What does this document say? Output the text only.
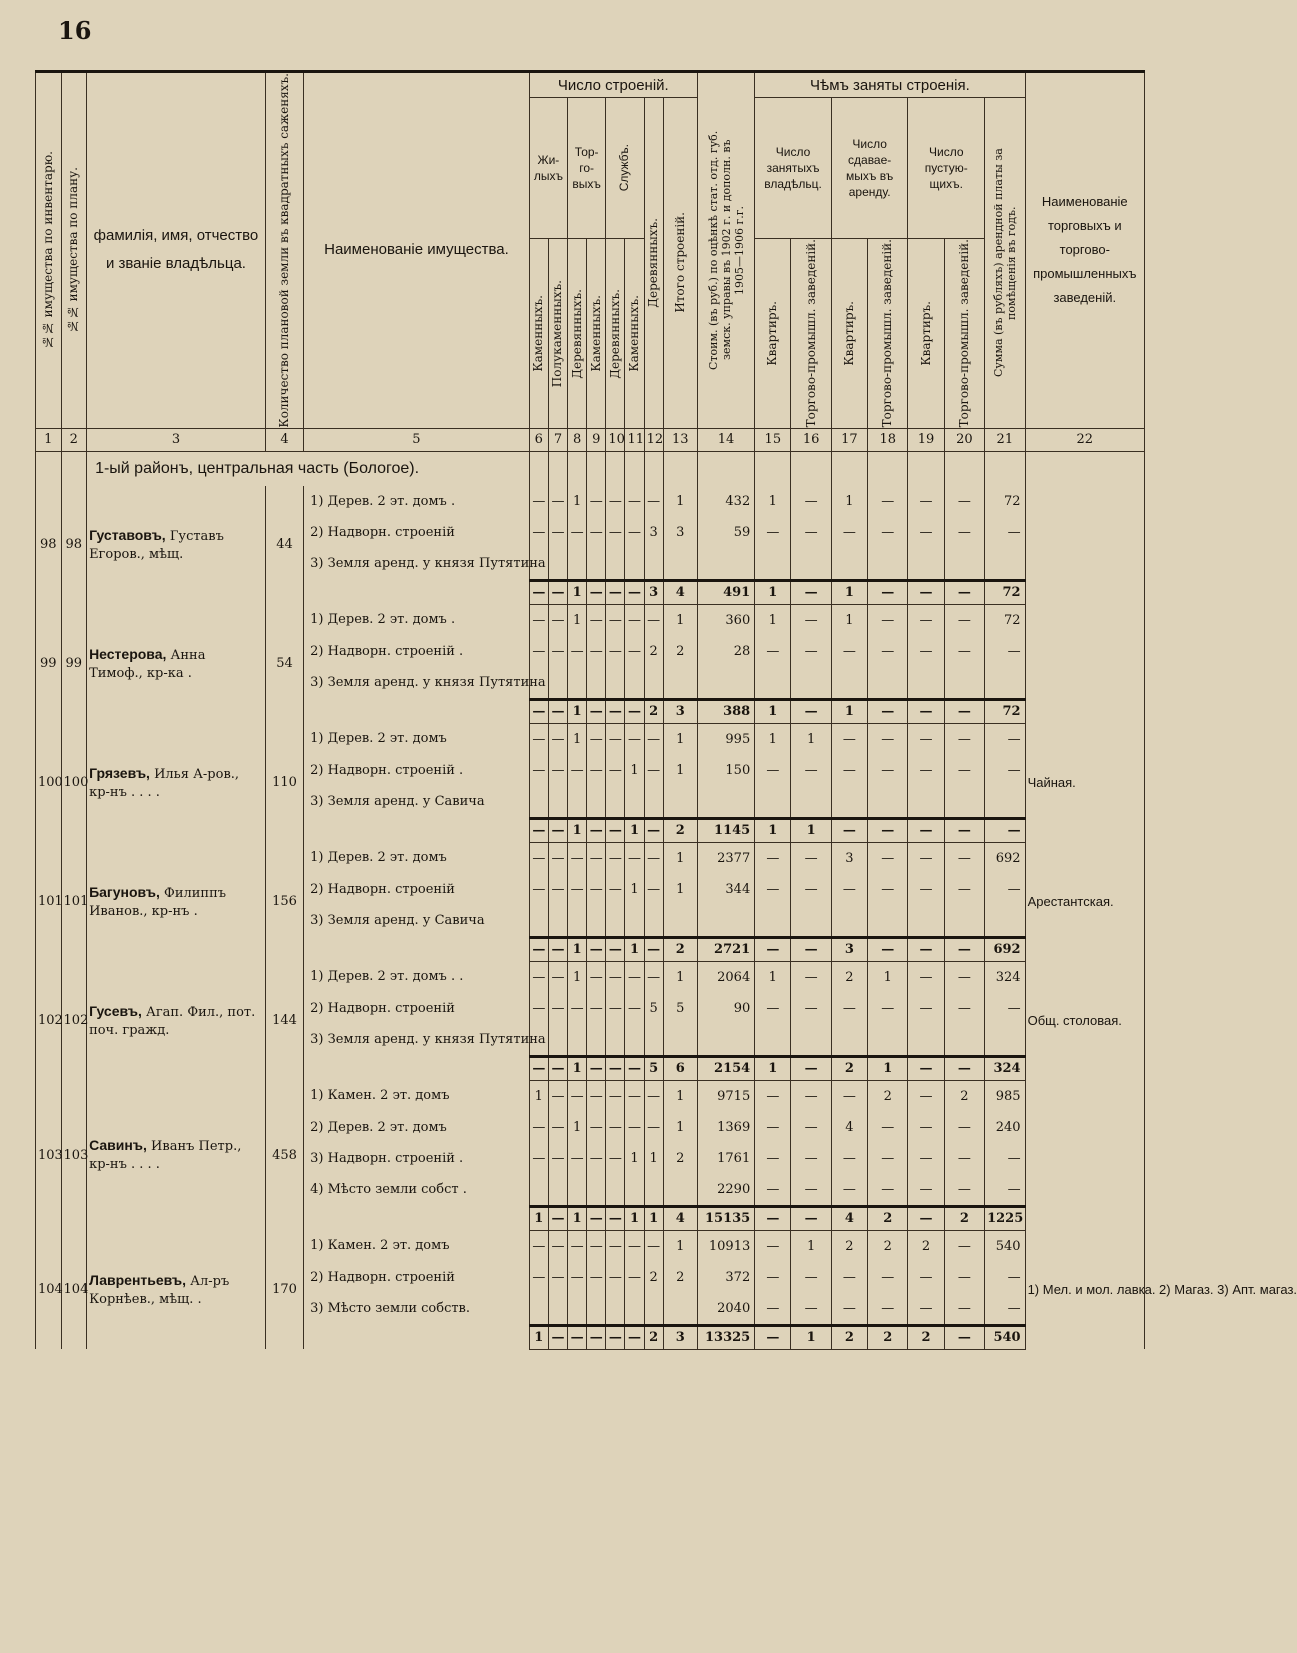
16
№№ имущества по инвентарю.	№№ имущества по плану.	фамилія, имя, отчество и званіе владѣльца.	Количество плановой земли въ квадратныхъ саженяхъ.	Наименованіе имущества.	Число строеній.								Стоим. (въ руб.) по оцѣнкѣ стат. отд. губ. земск. управы въ 1902 г. и дополн. въ 1905—1906 г.г.	Чѣмъ заняты строенія.							Наименованіе торговыхъ и торгово-промышленныхъ заведеній.
					Жи-лыхъ		Тор-го-выхъ		Службъ.		Деревянныхъ.	Итого строеній.		Число занятыхъ владѣльц.		Число сдавае-мыхъ въ аренду.		Число пустую-щихъ.		Сумма (въ рубляхъ) арендной платы за помѣщенія въ годъ.	

					Каменныхъ.	Полукаменныхъ.	Деревянныхъ.	Каменныхъ.	Деревянныхъ.	Каменныхъ.				Квартиръ.	Торгово-промышл. заведеній.	Квартиръ.	Торгово-промышл. заведеній.	Квартиръ.	Торгово-промышл. заведеній.		

1	2	3	4	5	6	7	8	9	10	11	12	13	14	15	16	17	18	19	20	21	22
		1-ый районъ, центральная часть (Бологое).																			
98	98	Густавовъ, Густавъ Егоров., мѣщ.	44	1) Дерев. 2 эт. домъ .	—	—	1	—	—	—	—	1	432	1	—	1	—	—	—	72	
				2) Надворн. строеній	—	—	—	—	—	—	3	3	59	—	—	—	—	—	—	—	
				3) Земля аренд. у князя Путятина																	
					—	—	1	—	—	—	3	4	491	1	—	1	—	—	—	72	
99	99	Нестерова, Анна Тимоф., кр-ка .	54	1) Дерев. 2 эт. домъ .	—	—	1	—	—	—	—	1	360	1	—	1	—	—	—	72	
				2) Надворн. строеній .	—	—	—	—	—	—	2	2	28	—	—	—	—	—	—	—	
				3) Земля аренд. у князя Путятина																	
					—	—	1	—	—	—	2	3	388	1	—	1	—	—	—	72	
100	100	Грязевъ, Илья А-ров., кр-нъ . . . .	110	1) Дерев. 2 эт. домъ	—	—	1	—	—	—	—	1	995	1	1	—	—	—	—	—	Чайная.
				2) Надворн. строеній .	—	—	—	—	—	1	—	1	150	—	—	—	—	—	—	—	
				3) Земля аренд. у Савича																	
					—	—	1	—	—	1	—	2	1145	1	1	—	—	—	—	—	
101	101	Багуновъ, Филиппъ Иванов., кр-нъ .	156	1) Дерев. 2 эт. домъ	—	—	—	—	—	—	—	1	2377	—	—	3	—	—	—	692	Арестантская.
				2) Надворн. строеній	—	—	—	—	—	1	—	1	344	—	—	—	—	—	—	—	
				3) Земля аренд. у Савича																	
					—	—	1	—	—	1	—	2	2721	—	—	3	—	—	—	692	
102	102	Гусевъ, Агап. Фил., пот. поч. гражд.	144	1) Дерев. 2 эт. домъ . .	—	—	1	—	—	—	—	1	2064	1	—	2	1	—	—	324	Общ. столовая.
				2) Надворн. строеній	—	—	—	—	—	—	5	5	90	—	—	—	—	—	—	—	
				3) Земля аренд. у князя Путятина																	
					—	—	1	—	—	—	5	6	2154	1	—	2	1	—	—	324	
103	103	Савинъ, Иванъ Петр., кр-нъ . . . .	458	1) Камен. 2 эт. домъ	1	—	—	—	—	—	—	1	9715	—	—	—	2	—	2	985	
				2) Дерев. 2 эт. домъ	—	—	1	—	—	—	—	1	1369	—	—	4	—	—	—	240	
				3) Надворн. строеній .	—	—	—	—	—	1	1	2	1761	—	—	—	—	—	—	—	
				4) Мѣсто земли собст .									2290	—	—	—	—	—	—	—	
					1	—	1	—	—	1	1	4	15135	—	—	4	2	—	2	1225	
104	104	Лаврентьевъ, Ал-ръ Корнѣев., мѣщ. .	170	1) Камен. 2 эт. домъ	—	—	—	—	—	—	—	1	10913	—	1	2	2	2	—	540	1) Мел. и мол. лавка. 2) Магаз. 3) Апт. магаз.
				2) Надворн. строеній	—	—	—	—	—	—	2	2	372	—	—	—	—	—	—	—	
				3) Мѣсто земли собств.									2040	—	—	—	—	—	—	—	
					1	—	—	—	—	—	2	3	13325	—	1	2	2	2	—	540	
